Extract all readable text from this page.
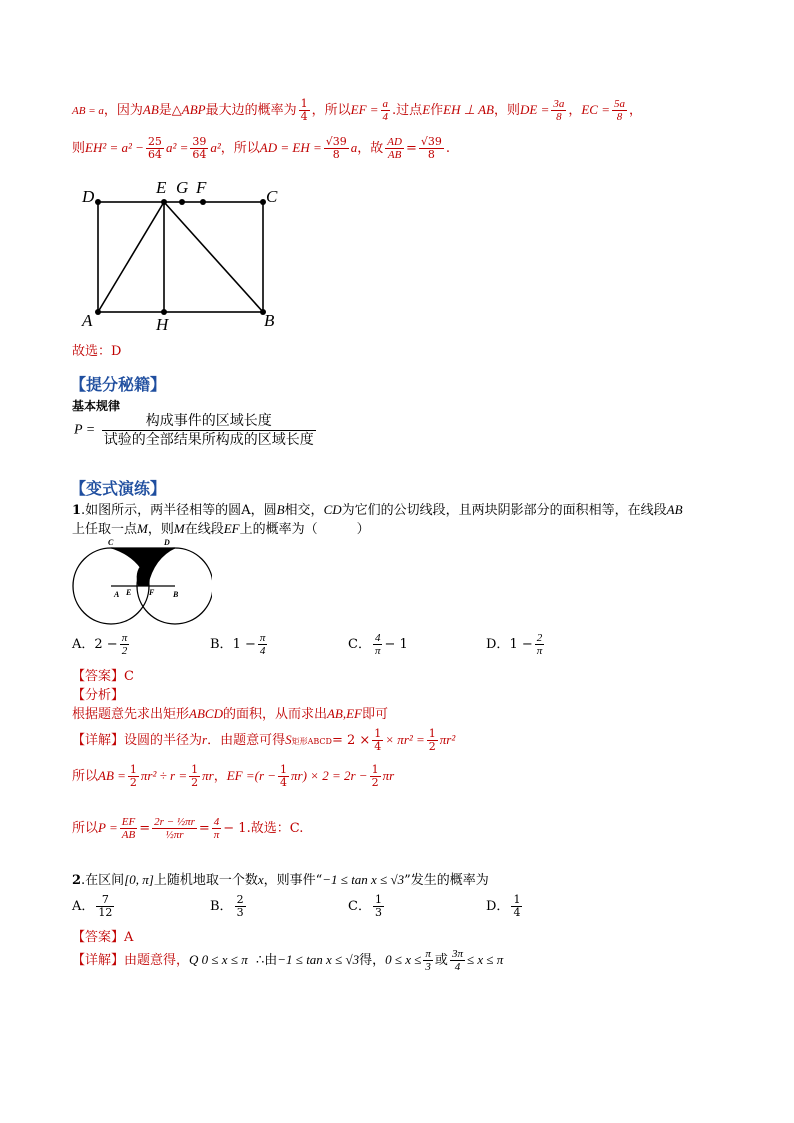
AB = a，因为AB是△ABP最大边的概率为 $\frac{1}{4}$ ，所以EF = $\frac{a}{4}$ .过点E作EH ⊥ AB，则DE = $\frac{3a}{8}$ ，EC = $\frac{5a}{8}$ ，
则$EH^2 = a^2 - \frac{25}{64} a^2 = \frac{39}{64} a^2$，所以AD = EH = $\frac{√39}{8}$ a，故 $\frac{AD}{AB} = \frac{√39}{8}$ .
D	E G F	C
A	H	B
故选：D
【提分秘籍】
基本规律
$P = \frac{\text{构成事件的区域长度}}{\text{试验的全部结果所构成的区域长度}}$
【变式演练】
1.如图所示，两半径相等的圆A，圆B相交，CD为它们的公切线段，且两块阴影部分的面积相等，在线段AB
上任取一点M，则M在线段EF上的概率为（　　　）
C	D
A E F B
A．$2 - \frac{\pi}{2}$	B．$1 - \frac{\pi}{4}$	C． $\frac{4}{\pi} - 1$	D．$1 - \frac{2}{\pi}$
【答案】C
【分析】
根据题意先求出矩形ABCD的面积，从而求出AB,EF即可
【详解】设圆的半径为r．由题意可得S矩形ABCD= $2 \times \frac{1}{4} \times \pi r^2 = \frac{1}{2} \pi r^2$
所以AB = $\frac{1}{2} \pi r^2 \div r = \frac{1}{2}$ πr，EF $=(r - \frac{1}{4} \pi r) \times 2 = 2r - \frac{1}{2}$ πr
所以$P = \frac{EF}{AB} = \frac{\text{2r − ½πr}}{\text{½πr}} = \frac{4}{\pi} - 1$.故选：C.
2.在区间[0, π]上随机地取一个数x，则事件“−1 ≤ tan x ≤ √3”发生的概率为
A． $\frac{7}{12}$	B． $\frac{2}{3}$	C． $\frac{1}{3}$	D． $\frac{1}{4}$
【答案】A
【详解】由题意得，Q 0 ≤ x ≤ π ∴由−1 ≤ tan x ≤ √3得，$0 \le x \le \frac{\pi}{3}$ 或 $\frac{3\pi}{4} \le x \le \pi$
